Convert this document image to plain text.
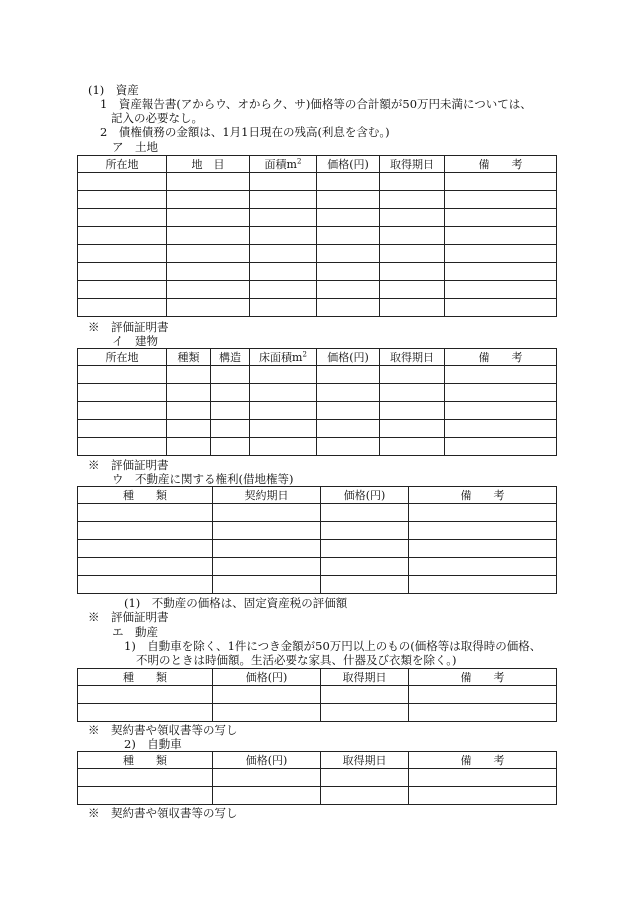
(1)　資産
1　資産報告書(アからウ、オからク、サ)価格等の合計額が50万円未満については、
記入の必要なし。
2　債権債務の金額は、1月1日現在の残高(利息を含む。)
ア　土地
所在地	地　目	面積$m^2$	価格(円)	取得期日	備　　考

※　評価証明書
イ　建物
所在地	種類	構造	床面積$m^2$	価格(円)	取得期日	備　　考

※　評価証明書
ウ　不動産に関する権利(借地権等)
種　　類	契約期日	価格(円)	備　　考

(1)　不動産の価格は、固定資産税の評価額
※　評価証明書
エ　動産
1)　自動車を除く、1件につき金額が50万円以上のもの(価格等は取得時の価格、
不明のときは時価額。生活必要な家具、什器及び衣類を除く。)
種　　類	価格(円)	取得期日	備　　考

※　契約書や領収書等の写し
2)　自動車
種　　類	価格(円)	取得期日	備　　考

※　契約書や領収書等の写し
